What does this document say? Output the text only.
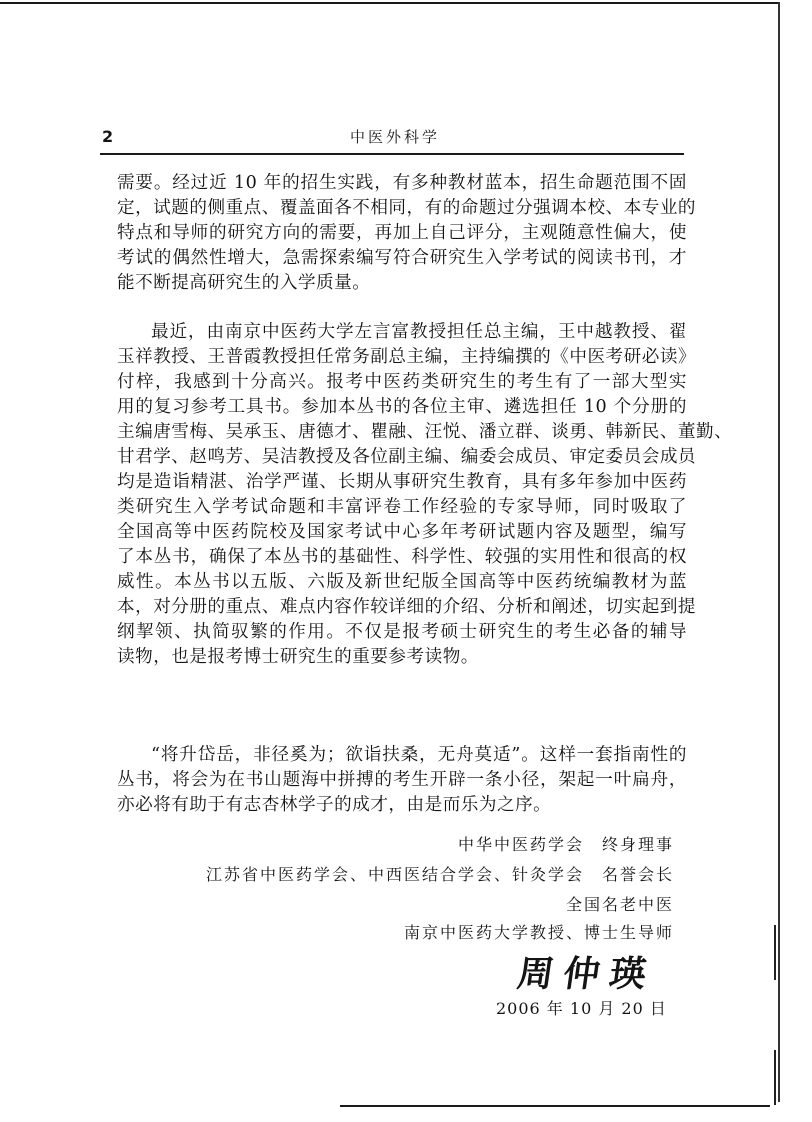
2	中医外科学
需要。经过近 10 年的招生实践，有多种教材蓝本，招生命题范围不固
定，试题的侧重点、覆盖面各不相同，有的命题过分强调本校、本专业的
特点和导师的研究方向的需要，再加上自己评分，主观随意性偏大，使
考试的偶然性增大，急需探索编写符合研究生入学考试的阅读书刊，才
能不断提高研究生的入学质量。
最近，由南京中医药大学左言富教授担任总主编，王中越教授、翟
玉祥教授、王普霞教授担任常务副总主编，主持编撰的《中医考研必读》
付梓，我感到十分高兴。报考中医药类研究生的考生有了一部大型实
用的复习参考工具书。参加本丛书的各位主审、遴选担任 10 个分册的
主编唐雪梅、吴承玉、唐德才、瞿融、汪悦、潘立群、谈勇、韩新民、董勤、
甘君学、赵鸣芳、吴洁教授及各位副主编、编委会成员、审定委员会成员
均是造诣精湛、治学严谨、长期从事研究生教育，具有多年参加中医药
类研究生入学考试命题和丰富评卷工作经验的专家导师，同时吸取了
全国高等中医药院校及国家考试中心多年考研试题内容及题型，编写
了本丛书，确保了本丛书的基础性、科学性、较强的实用性和很高的权
威性。本丛书以五版、六版及新世纪版全国高等中医药统编教材为蓝
本，对分册的重点、难点内容作较详细的介绍、分析和阐述，切实起到提
纲挈领、执简驭繁的作用。不仅是报考硕士研究生的考生必备的辅导
读物，也是报考博士研究生的重要参考读物。
“将升岱岳，非径奚为；欲诣扶桑，无舟莫适”。这样一套指南性的
丛书，将会为在书山题海中拼搏的考生开辟一条小径，架起一叶扁舟，
亦必将有助于有志杏林学子的成才，由是而乐为之序。
中华中医药学会　终身理事
江苏省中医药学会、中西医结合学会、针灸学会　名誉会长
全国名老中医
南京中医药大学教授、博士生导师
周仲瑛
2006 年 10 月 20 日
